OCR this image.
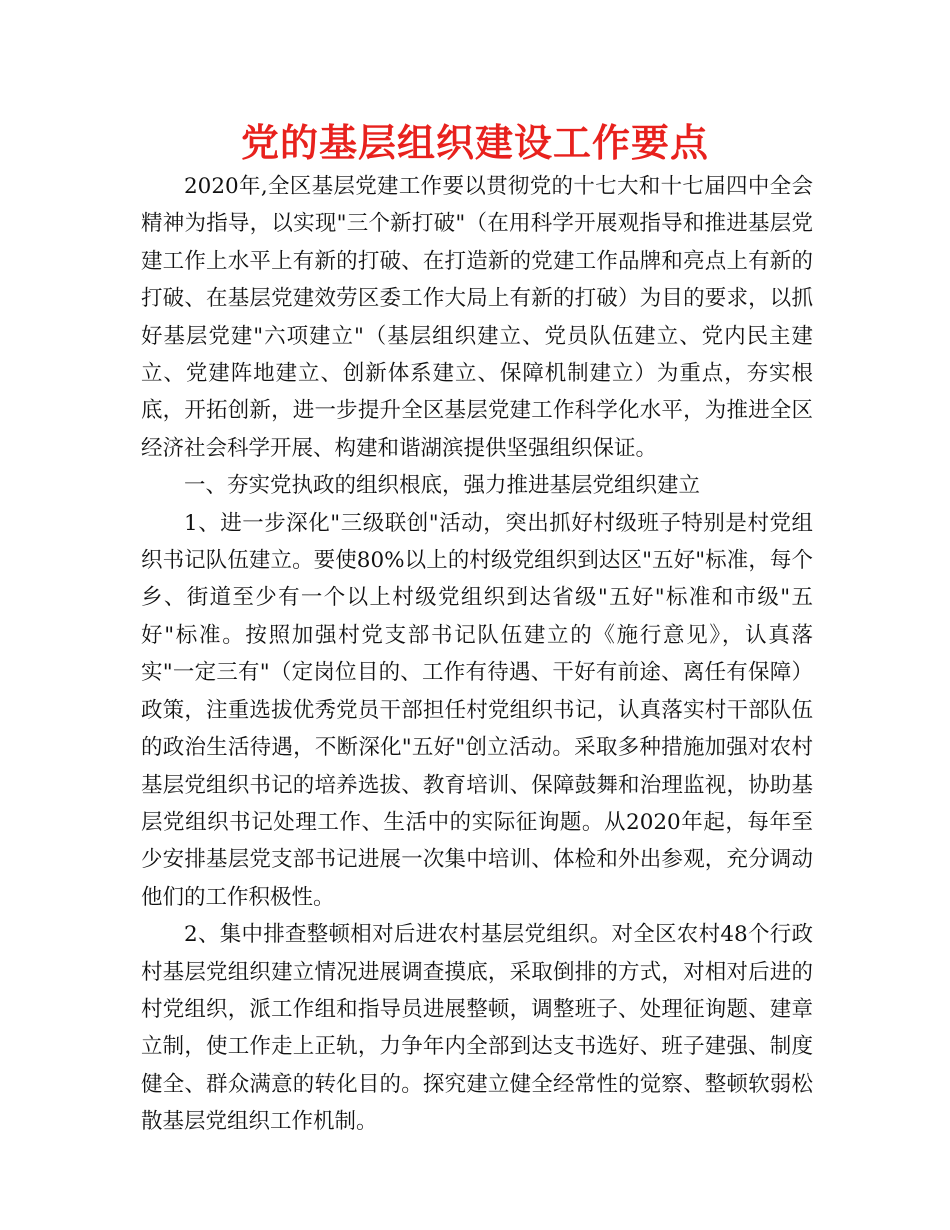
党的基层组织建设工作要点

2020年,全区基层党建工作要以贯彻党的十七大和十七届四中全会精神为指导，以实现"三个新打破"（在用科学开展观指导和推进基层党建工作上水平上有新的打破、在打造新的党建工作品牌和亮点上有新的打破、在基层党建效劳区委工作大局上有新的打破）为目的要求，以抓好基层党建"六项建立"（基层组织建立、党员队伍建立、党内民主建立、党建阵地建立、创新体系建立、保障机制建立）为重点，夯实根底，开拓创新，进一步提升全区基层党建工作科学化水平，为推进全区经济社会科学开展、构建和谐湖滨提供坚强组织保证。

一、夯实党执政的组织根底，强力推进基层党组织建立

1、进一步深化"三级联创"活动，突出抓好村级班子特别是村党组织书记队伍建立。要使80%以上的村级党组织到达区"五好"标准，每个乡、街道至少有一个以上村级党组织到达省级"五好"标准和市级"五好"标准。按照加强村党支部书记队伍建立的《施行意见》，认真落实"一定三有"（定岗位目的、工作有待遇、干好有前途、离任有保障）政策，注重选拔优秀党员干部担任村党组织书记，认真落实村干部队伍的政治生活待遇，不断深化"五好"创立活动。采取多种措施加强对农村基层党组织书记的培养选拔、教育培训、保障鼓舞和治理监视，协助基层党组织书记处理工作、生活中的实际征询题。从2020年起，每年至少安排基层党支部书记进展一次集中培训、体检和外出参观，充分调动他们的工作积极性。

2、集中排查整顿相对后进农村基层党组织。对全区农村48个行政村基层党组织建立情况进展调查摸底，采取倒排的方式，对相对后进的村党组织，派工作组和指导员进展整顿，调整班子、处理征询题、建章立制，使工作走上正轨，力争年内全部到达支书选好、班子建强、制度健全、群众满意的转化目的。探究建立健全经常性的觉察、整顿软弱松散基层党组织工作机制。
